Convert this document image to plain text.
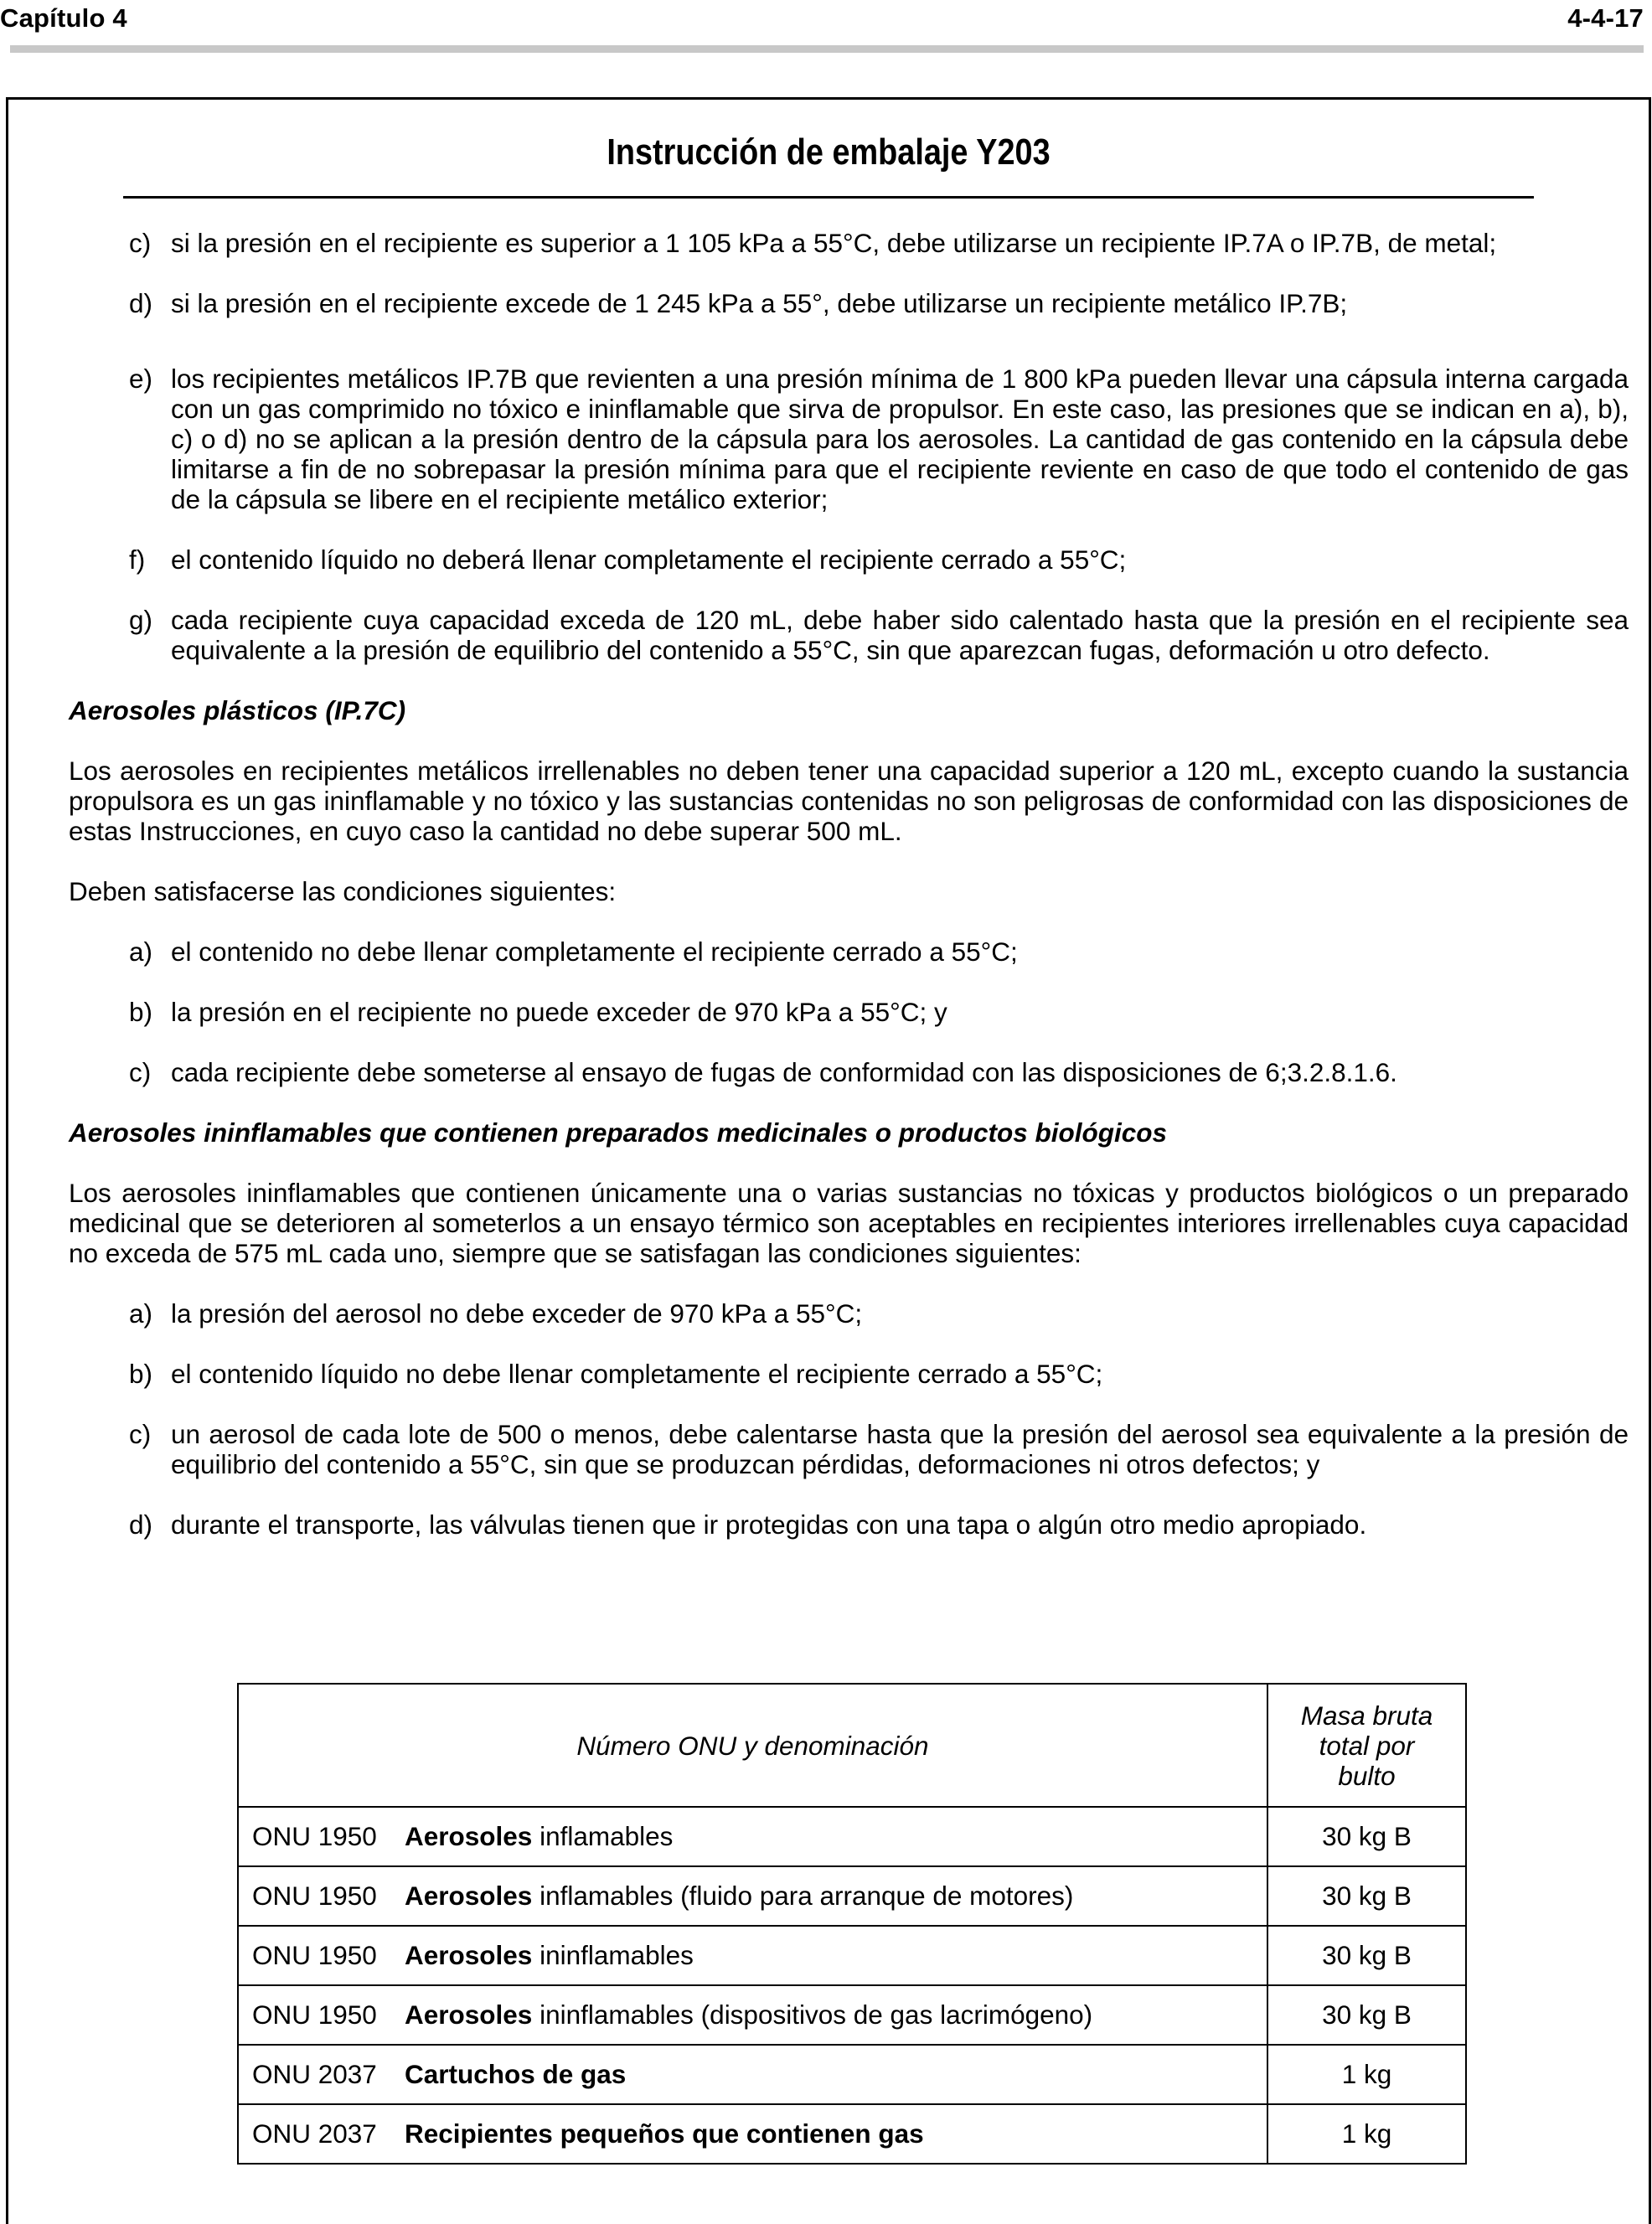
Capítulo 4	4-4-17
Instrucción de embalaje Y203
c) si la presión en el recipiente es superior a 1 105 kPa a 55°C, debe utilizarse un recipiente IP.7A o IP.7B, de metal;
d) si la presión en el recipiente excede de 1 245 kPa a 55°, debe utilizarse un recipiente metálico IP.7B;
e) los recipientes metálicos IP.7B que revienten a una presión mínima de 1 800 kPa pueden llevar una cápsula interna cargada con un gas comprimido no tóxico e ininflamable que sirva de propulsor. En este caso, las presiones que se indican en a), b), c) o d) no se aplican a la presión dentro de la cápsula para los aerosoles. La cantidad de gas contenido en la cápsula debe limitarse a fin de no sobrepasar la presión mínima para que el recipiente reviente en caso de que todo el contenido de gas de la cápsula se libere en el recipiente metálico exterior;
f) el contenido líquido no deberá llenar completamente el recipiente cerrado a 55°C;
g) cada recipiente cuya capacidad exceda de 120 mL, debe haber sido calentado hasta que la presión en el recipiente sea equivalente a la presión de equilibrio del contenido a 55°C, sin que aparezcan fugas, deformación u otro defecto.
Aerosoles plásticos (IP.7C)
Los aerosoles en recipientes metálicos irrellenables no deben tener una capacidad superior a 120 mL, excepto cuando la sustancia propulsora es un gas ininflamable y no tóxico y las sustancias contenidas no son peligrosas de conformidad con las disposiciones de estas Instrucciones, en cuyo caso la cantidad no debe superar 500 mL.
Deben satisfacerse las condiciones siguientes:
a) el contenido no debe llenar completamente el recipiente cerrado a 55°C;
b) la presión en el recipiente no puede exceder de 970 kPa a 55°C; y
c) cada recipiente debe someterse al ensayo de fugas de conformidad con las disposiciones de 6;3.2.8.1.6.
Aerosoles ininflamables que contienen preparados medicinales o productos biológicos
Los aerosoles ininflamables que contienen únicamente una o varias sustancias no tóxicas y productos biológicos o un preparado medicinal que se deterioren al someterlos a un ensayo térmico son aceptables en recipientes interiores irrellenables cuya capacidad no exceda de 575 mL cada uno, siempre que se satisfagan las condiciones siguientes:
a) la presión del aerosol no debe exceder de 970 kPa a 55°C;
b) el contenido líquido no debe llenar completamente el recipiente cerrado a 55°C;
c) un aerosol de cada lote de 500 o menos, debe calentarse hasta que la presión del aerosol sea equivalente a la presión de equilibrio del contenido a 55°C, sin que se produzcan pérdidas, deformaciones ni otros defectos; y
d) durante el transporte, las válvulas tienen que ir protegidas con una tapa o algún otro medio apropiado.
Número ONU y denominación	Masa bruta
total por
bulto
ONU 1950 Aerosoles inflamables	30 kg B
ONU 1950 Aerosoles inflamables (fluido para arranque de motores)	30 kg B
ONU 1950 Aerosoles ininflamables	30 kg B
ONU 1950 Aerosoles ininflamables (dispositivos de gas lacrimógeno)	30 kg B
ONU 2037 Cartuchos de gas	1 kg
ONU 2037 Recipientes pequeños que contienen gas	1 kg
